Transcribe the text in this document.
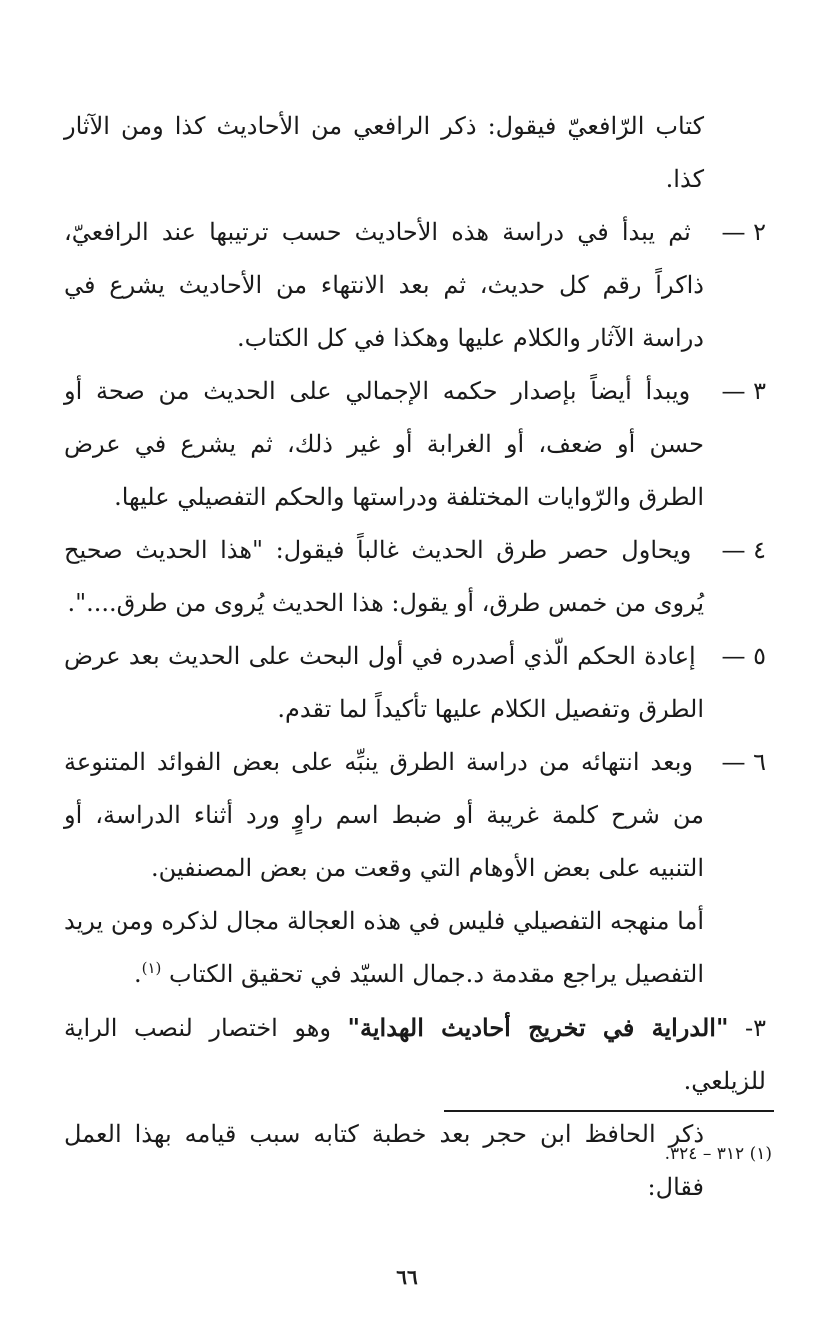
كتاب الرّافعيّ فيقول: ذكر الرافعي من الأحاديث كذا ومن الآثار كذا.

٢ — ثم يبدأ في دراسة هذه الأحاديث حسب ترتيبها عند الرافعيّ، ذاكراً رقم كل حديث، ثم بعد الانتهاء من الأحاديث يشرع في دراسة الآثار والكلام عليها وهكذا في كل الكتاب.

٣ — ويبدأ أيضاً بإصدار حكمه الإجمالي على الحديث من صحة أو حسن أو ضعف، أو الغرابة أو غير ذلك، ثم يشرع في عرض الطرق والرّوايات المختلفة ودراستها والحكم التفصيلي عليها.

٤ — ويحاول حصر طرق الحديث غالباً فيقول: "هذا الحديث صحيح يُروى من خمس طرق، أو يقول: هذا الحديث يُروى من طرق....".

٥ — إعادة الحكم الّذي أصدره في أول البحث على الحديث بعد عرض الطرق وتفصيل الكلام عليها تأكيداً لما تقدم.

٦ — وبعد انتهائه من دراسة الطرق ينبِّه على بعض الفوائد المتنوعة من شرح كلمة غريبة أو ضبط اسم راوٍ ورد أثناء الدراسة، أو التنبيه على بعض الأوهام التي وقعت من بعض المصنفين.

أما منهجه التفصيلي فليس في هذه العجالة مجال لذكره ومن يريد التفصيل يراجع مقدمة د.جمال السيّد في تحقيق الكتاب $^{(١)}$.

٣- "الدراية في تخريج أحاديث الهداية" وهو اختصار لنصب الراية للزيلعي.

ذكر الحافظ ابن حجر بعد خطبة كتابه سبب قيامه بهذا العمل فقال:

(١) ٣١٢ – ٣٢٤.
٦٦
